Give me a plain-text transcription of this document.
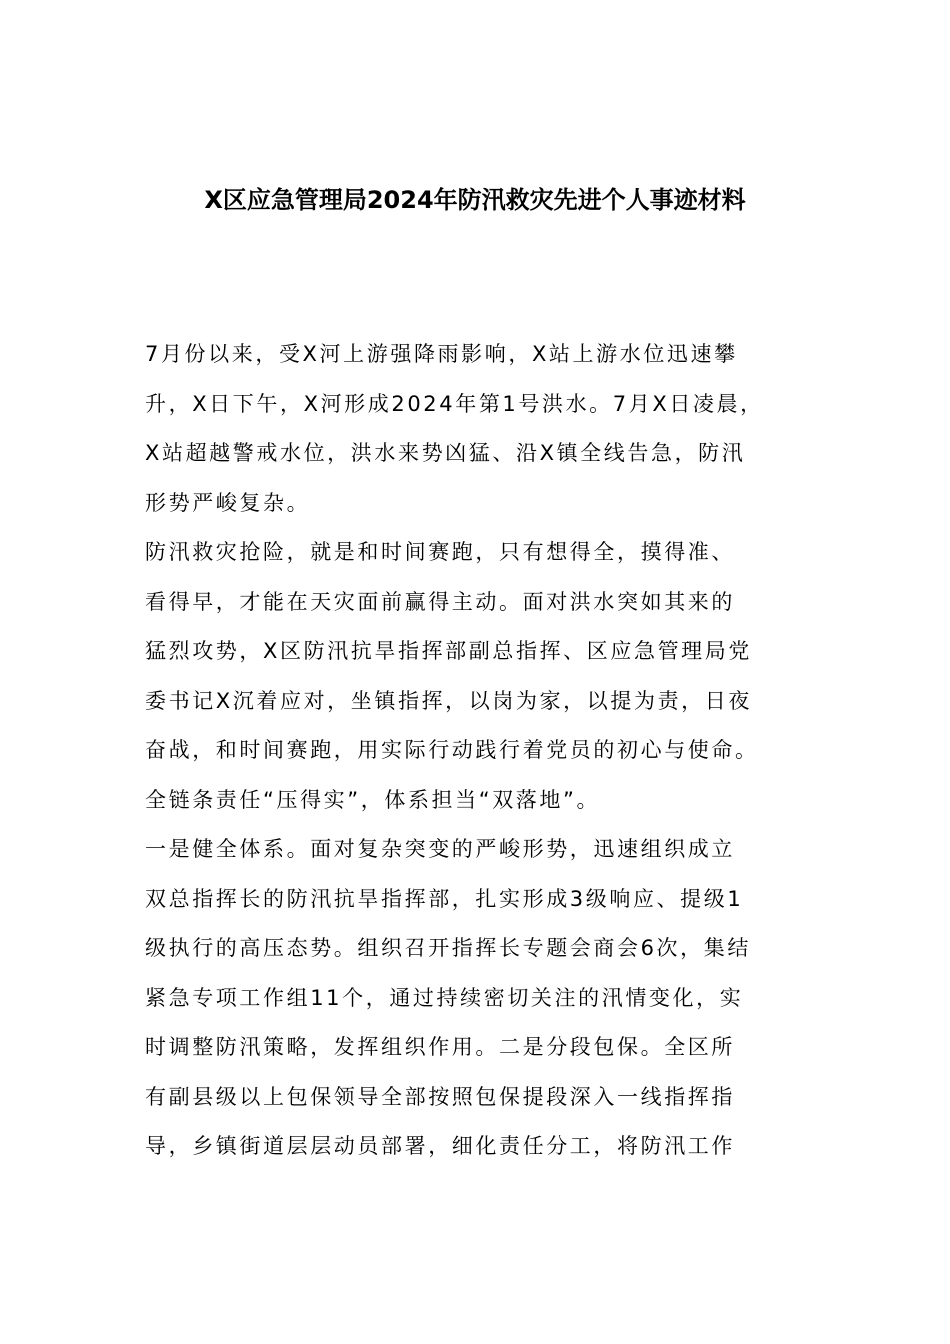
X区应急管理局2024年防汛救灾先进个人事迹材料

7月份以来，受X河上游强降雨影响，X站上游水位迅速攀
升，X日下午，X河形成2024年第1号洪水。7月X日凌晨，
X站超越警戒水位，洪水来势凶猛、沿X镇全线告急，防汛
形势严峻复杂。

防汛救灾抢险，就是和时间赛跑，只有想得全，摸得准、
看得早，才能在天灾面前赢得主动。面对洪水突如其来的
猛烈攻势，X区防汛抗旱指挥部副总指挥、区应急管理局党
委书记X沉着应对，坐镇指挥，以岗为家，以提为责，日夜
奋战，和时间赛跑，用实际行动践行着党员的初心与使命。

全链条责任“压得实”，体系担当“双落地”。

一是健全体系。面对复杂突变的严峻形势，迅速组织成立
双总指挥长的防汛抗旱指挥部，扎实形成3级响应、提级1
级执行的高压态势。组织召开指挥长专题会商会6次，集结
紧急专项工作组11个，通过持续密切关注的汛情变化，实
时调整防汛策略，发挥组织作用。二是分段包保。全区所
有副县级以上包保领导全部按照包保提段深入一线指挥指
导，乡镇街道层层动员部署，细化责任分工，将防汛工作
